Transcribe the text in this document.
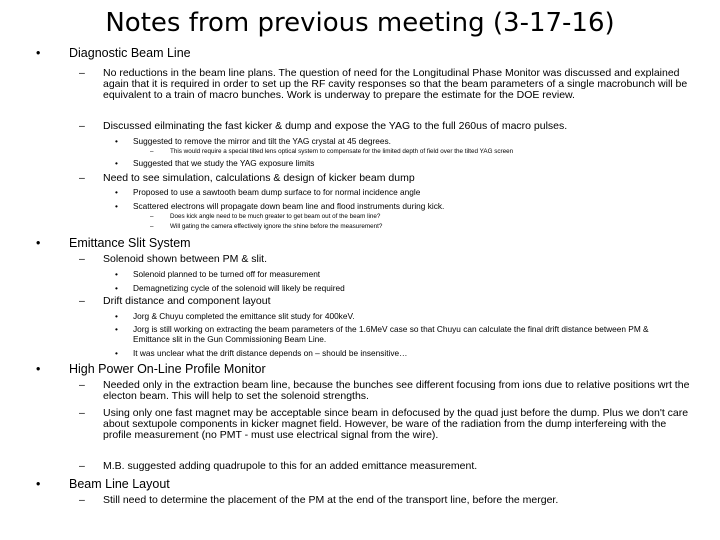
Notes from previous meeting (3-17-16)
• Diagnostic Beam Line
– No reductions in the beam line plans. The question of need for the Longitudinal Phase Monitor was discussed and explained again that it is required in order to set up the RF cavity responses so that the beam parameters of a single macrobunch will be equivalent to a train of macro bunches. Work is underway to prepare the estimate for the DOE review.
– Discussed eilminating the fast kicker & dump and expose the YAG to the full 260us of macro pulses.
• Suggested to remove the mirror and tilt the YAG crystal at 45 degrees.
–	This would require a special tilted lens optical system to compensate for the limited depth of field over the tilted YAG screen
• Suggested that we study the YAG exposure limits
– Need to see simulation, calculations & design of kicker beam dump
• Proposed to use a sawtooth beam dump surface to for normal incidence angle
• Scattered electrons will propagate down beam line and flood instruments during kick.
–	Does kick angle need to be much greater to get beam out of the beam line?
–	Will gating the camera effectively ignore the shine before the measurement?
• Emittance Slit System
– Solenoid shown between PM & slit.
• Solenoid planned to be turned off for measurement
• Demagnetizing cycle of the solenoid will likely be required
– Drift distance and component layout
• Jorg & Chuyu completed the emittance slit study for 400keV.
• Jorg is still working on extracting the beam parameters of the 1.6MeV case so that Chuyu can calculate the final drift distance between PM & Emittance slit in the Gun Commissioning Beam Line.
• It was unclear what the drift distance depends on – should be insensitive…
• High Power On-Line Profile Monitor
– Needed only in the extraction beam line, because the bunches see different focusing from ions due to relative positions wrt the electon beam. This will help to set the solenoid strengths.
– Using only one fast magnet may be acceptable since beam in defocused by the quad just before the dump. Plus we don't care about sextupole components in kicker magnet field. However, be ware of the radiation from the dump interfereing with the profile measurement (no PMT - must use electrical signal from the wire).
– M.B. suggested adding quadrupole to this for an added emittance measurement.
• Beam Line Layout
– Still need to determine the placement of the PM at the end of the transport line, before the merger.
